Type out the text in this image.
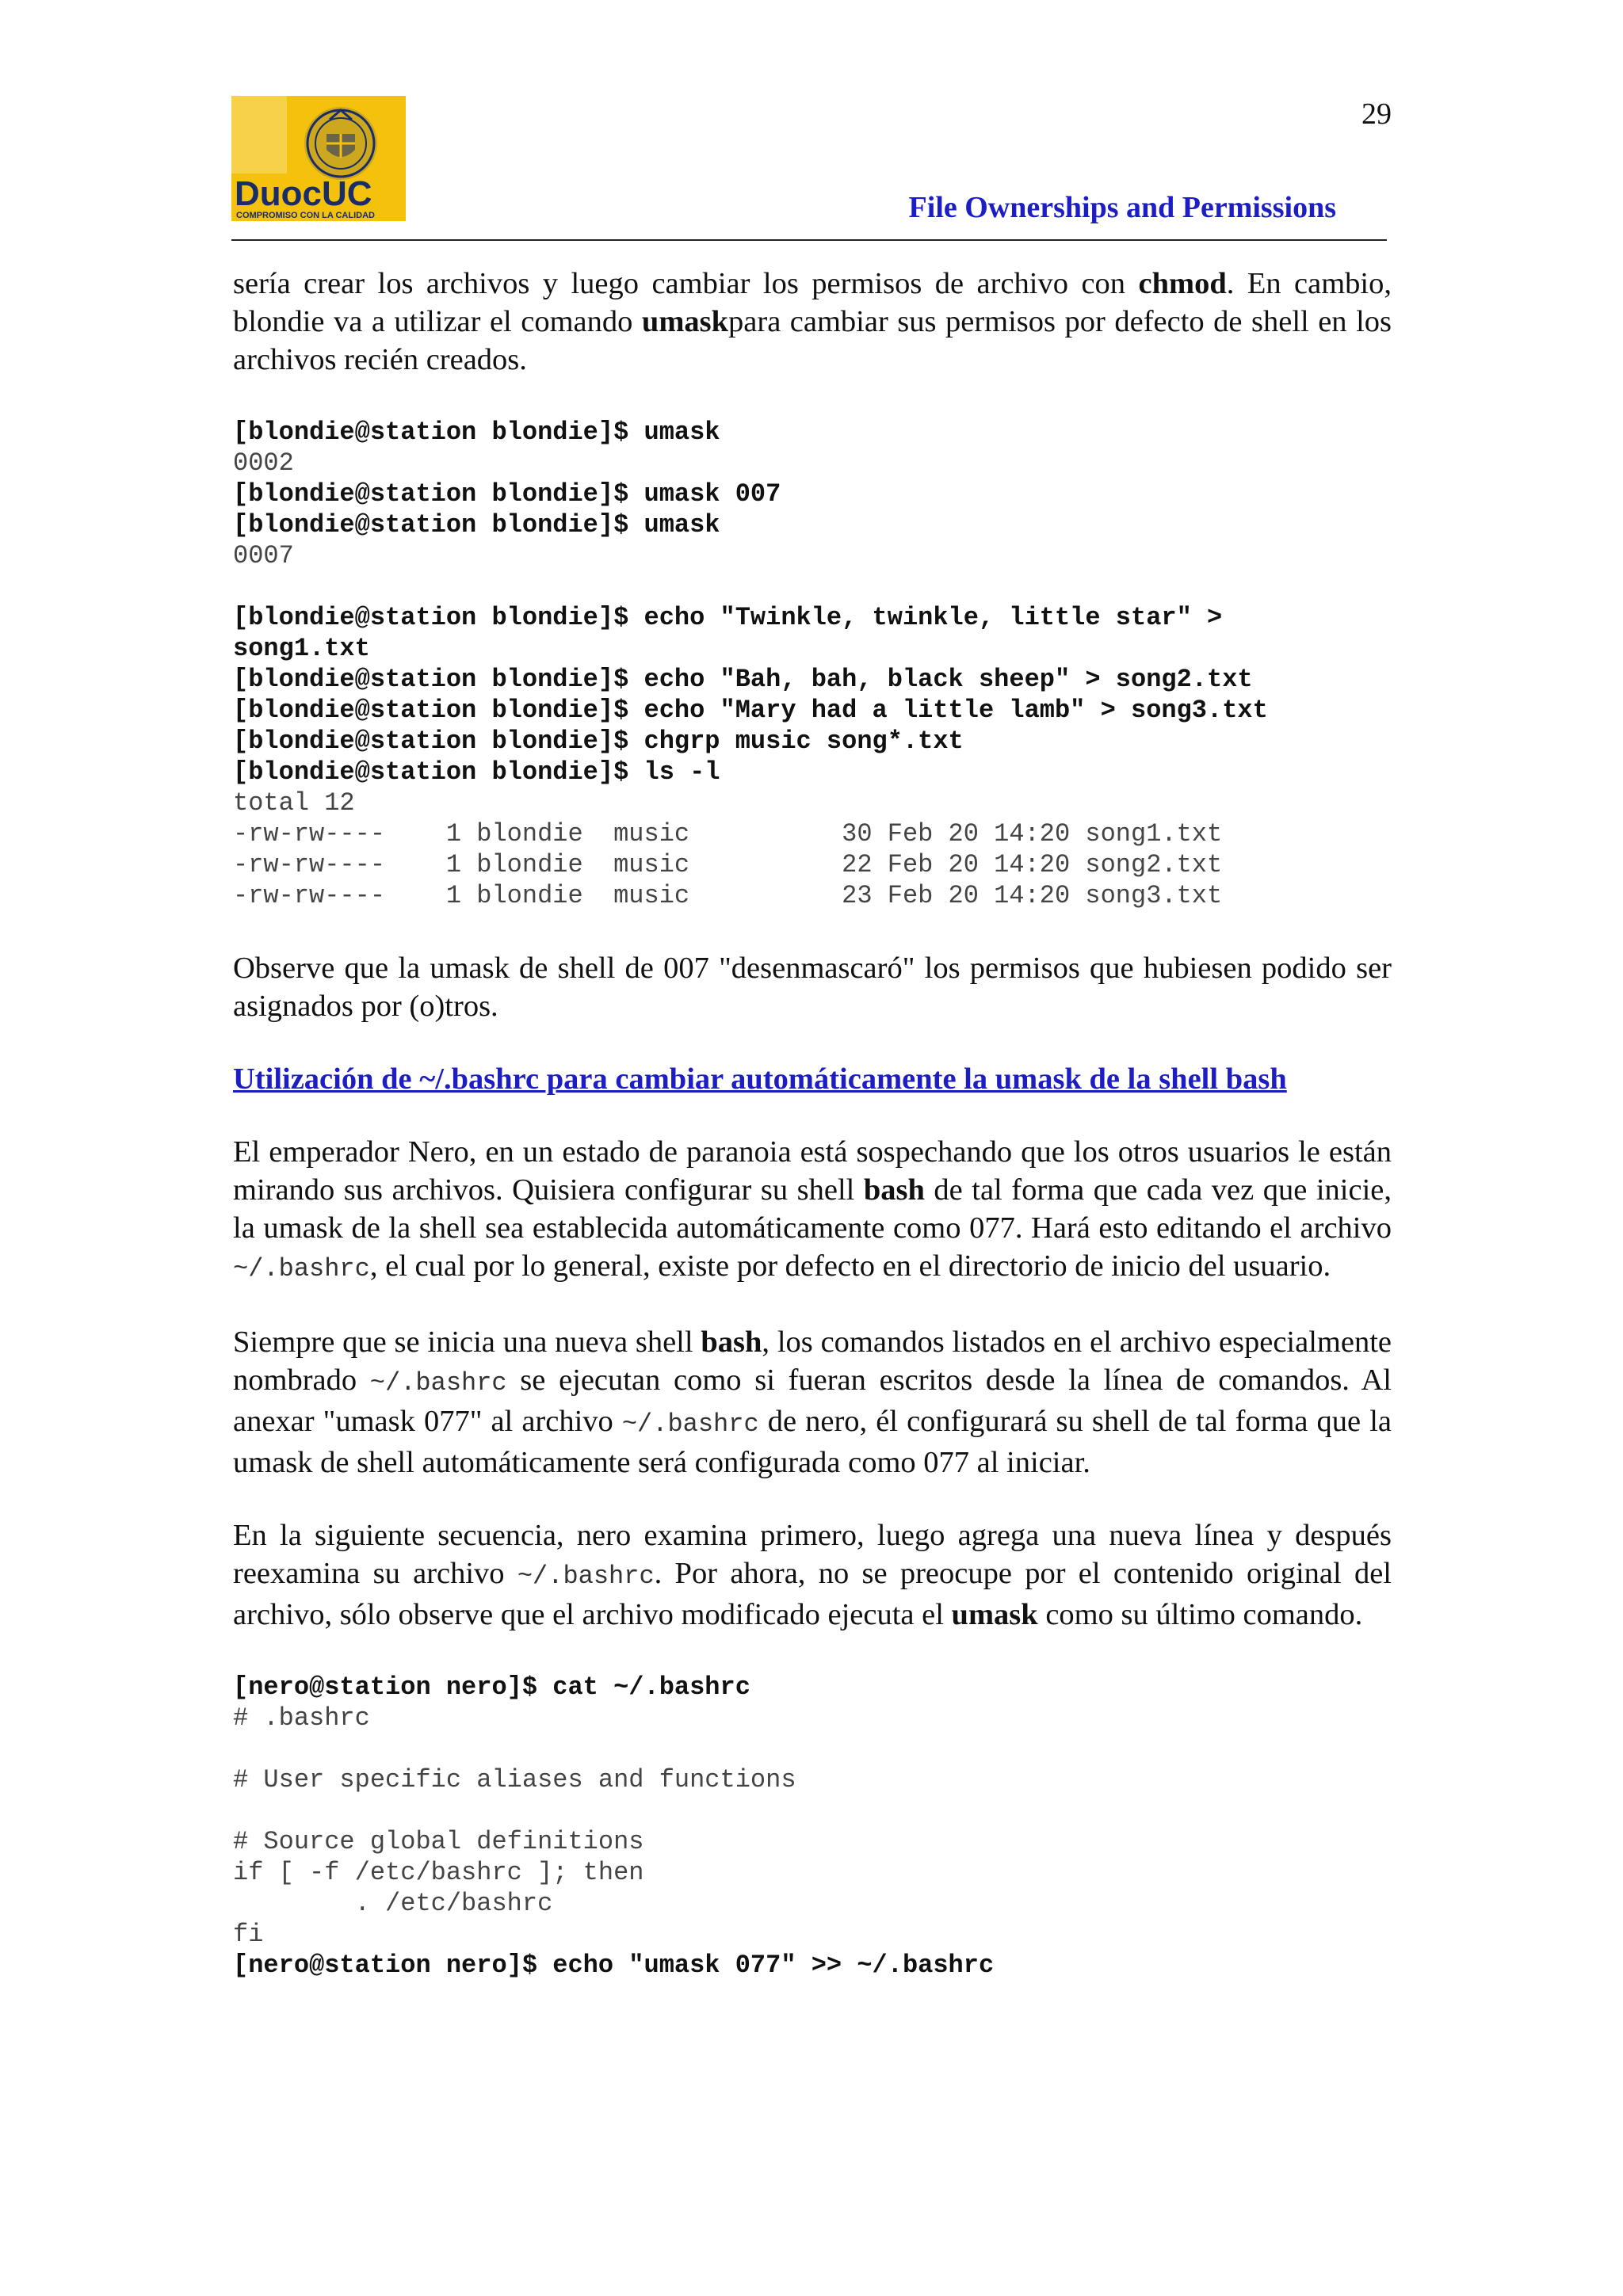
DuocUC
COMPROMISO CON LA CALIDAD
29
File Ownerships and Permissions

sería crear los archivos y luego cambiar los permisos de archivo con chmod. En cambio, blondie va a utilizar el comando umaskpara cambiar sus permisos por defecto de shell en los archivos recién creados.

[blondie@station blondie]$ umask
0002
[blondie@station blondie]$ umask 007
[blondie@station blondie]$ umask
0007

[blondie@station blondie]$ echo "Twinkle, twinkle, little star" >
song1.txt
[blondie@station blondie]$ echo "Bah, bah, black sheep" > song2.txt
[blondie@station blondie]$ echo "Mary had a little lamb" > song3.txt
[blondie@station blondie]$ chgrp music song*.txt
[blondie@station blondie]$ ls -l
total 12
-rw-rw----    1 blondie  music          30 Feb 20 14:20 song1.txt
-rw-rw----    1 blondie  music          22 Feb 20 14:20 song2.txt
-rw-rw----    1 blondie  music          23 Feb 20 14:20 song3.txt

Observe que la umask de shell de 007 "desenmascaró" los permisos que hubiesen podido ser asignados por (o)tros.

Utilización de ~/.bashrc para cambiar automáticamente la umask de la shell bash

El emperador Nero, en un estado de paranoia está sospechando que los otros usuarios le están mirando sus archivos. Quisiera configurar su shell bash de tal forma que cada vez que inicie, la umask de la shell sea establecida automáticamente como 077. Hará esto editando el archivo ~/.bashrc, el cual por lo general, existe por defecto en el directorio de inicio del usuario.

Siempre que se inicia una nueva shell bash, los comandos listados en el archivo especialmente nombrado ~/.bashrc se ejecutan como si fueran escritos desde la línea de comandos. Al anexar "umask 077" al archivo ~/.bashrc de nero, él configurará su shell de tal forma que la umask de shell automáticamente será configurada como 077 al iniciar.

En la siguiente secuencia, nero examina primero, luego agrega una nueva línea y después reexamina su archivo ~/.bashrc. Por ahora, no se preocupe por el contenido original del archivo, sólo observe que el archivo modificado ejecuta el umask como su último comando.

[nero@station nero]$ cat ~/.bashrc
# .bashrc

# User specific aliases and functions

# Source global definitions
if [ -f /etc/bashrc ]; then
. /etc/bashrc
fi
[nero@station nero]$ echo "umask 077" >> ~/.bashrc
